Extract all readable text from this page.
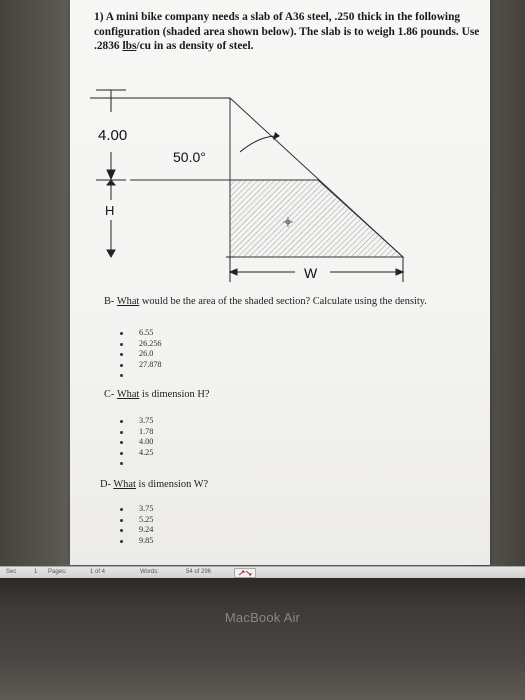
1) A mini bike company needs a slab of A36 steel, .250 thick in the following configuration (shaded area shown below). The slab is to weigh 1.86 pounds. Use .2836 lbs/cu in as density of steel.
4.00
50.0°
H
W
B- What would be the area of the shaded section? Calculate using the density.
6.55
26.256
26.0
27.878
C- What is dimension H?
3.75
1.78
4.00
4.25
D- What is dimension W?
3.75
5.25
9.24
9.85
Sec	1 Pages:	1 of 4	Words:	54 of 296
MacBook Air
